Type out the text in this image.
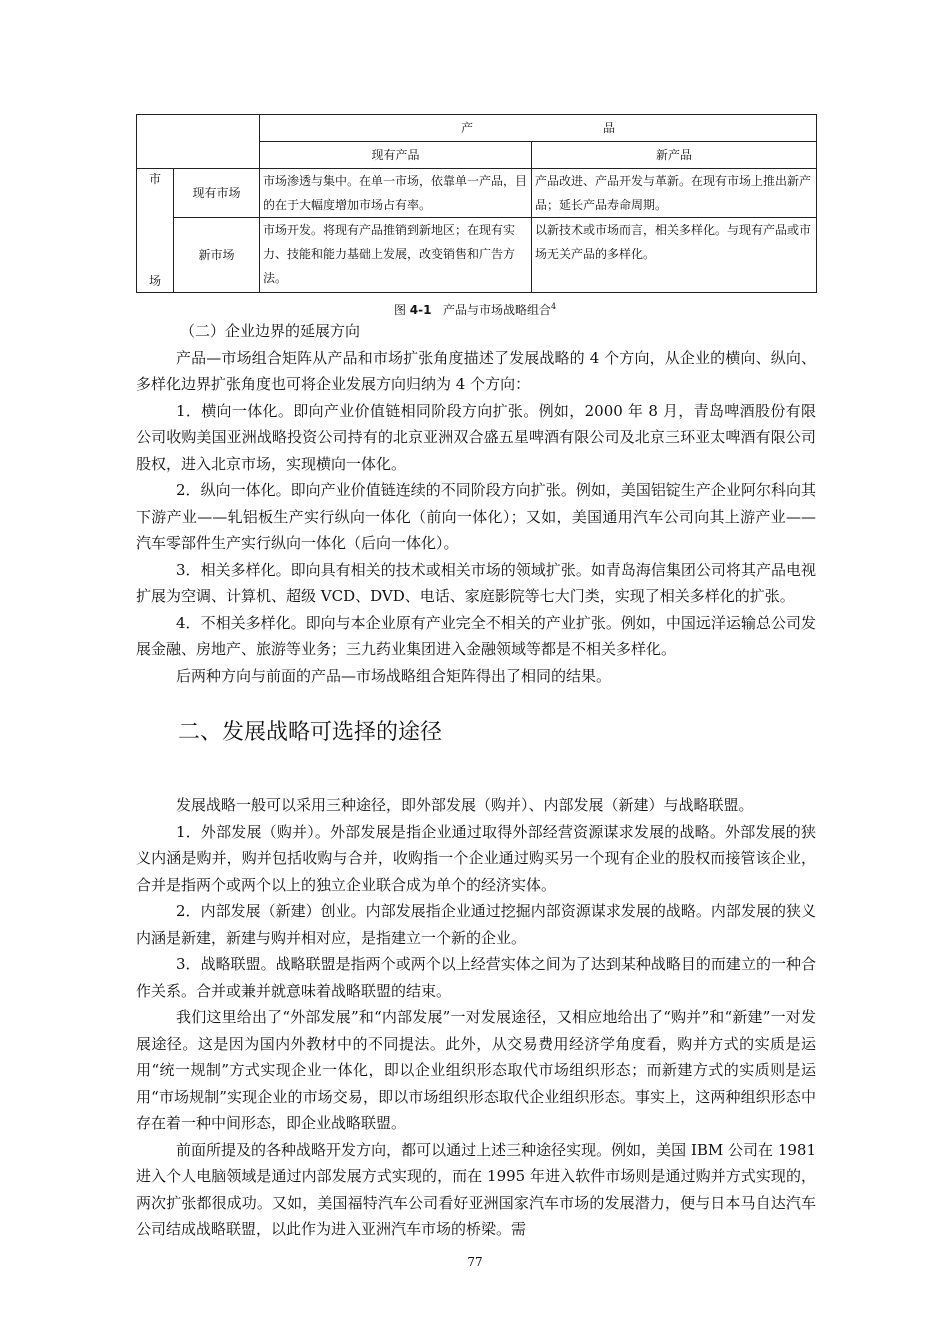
		产 品	
		现有产品	新产品

市
场	现有市场	市场渗透与集中。在单一市场，依靠单一产品，目的在于大幅度增加市场占有率。	产品改进、产品开发与革新。在现有市场上推出新产品；延长产品寿命周期。
	新市场	市场开发。将现有产品推销到新地区；在现有实力、技能和能力基础上发展，改变销售和广告方法。	以新技术或市场而言，相关多样化。与现有产品或市场无关产品的多样化。
图 4-1 产品与市场战略组合$^4$

（二）企业边界的延展方向

产品—市场组合矩阵从产品和市场扩张角度描述了发展战略的 4 个方向，从企业的横向、纵向、多样化边界扩张角度也可将企业发展方向归纳为 4 个方向：

1．横向一体化。即向产业价值链相同阶段方向扩张。例如，2000 年 8 月，青岛啤酒股份有限公司收购美国亚洲战略投资公司持有的北京亚洲双合盛五星啤酒有限公司及北京三环亚太啤酒有限公司股权，进入北京市场，实现横向一体化。

2．纵向一体化。即向产业价值链连续的不同阶段方向扩张。例如，美国铝锭生产企业阿尔科向其下游产业——轧铝板生产实行纵向一体化（前向一体化）；又如，美国通用汽车公司向其上游产业——汽车零部件生产实行纵向一体化（后向一体化）。

3．相关多样化。即向具有相关的技术或相关市场的领域扩张。如青岛海信集团公司将其产品电视扩展为空调、计算机、超级 VCD、DVD、电话、家庭影院等七大门类，实现了相关多样化的扩张。

4．不相关多样化。即向与本企业原有产业完全不相关的产业扩张。例如，中国远洋运输总公司发展金融、房地产、旅游等业务；三九药业集团进入金融领域等都是不相关多样化。

后两种方向与前面的产品—市场战略组合矩阵得出了相同的结果。

二、发展战略可选择的途径

发展战略一般可以采用三种途径，即外部发展（购并）、内部发展（新建）与战略联盟。

1．外部发展（购并）。外部发展是指企业通过取得外部经营资源谋求发展的战略。外部发展的狭义内涵是购并，购并包括收购与合并，收购指一个企业通过购买另一个现有企业的股权而接管该企业，合并是指两个或两个以上的独立企业联合成为单个的经济实体。

2．内部发展（新建）创业。内部发展指企业通过挖掘内部资源谋求发展的战略。内部发展的狭义内涵是新建，新建与购并相对应，是指建立一个新的企业。

3．战略联盟。战略联盟是指两个或两个以上经营实体之间为了达到某种战略目的而建立的一种合作关系。合并或兼并就意味着战略联盟的结束。

我们这里给出了“外部发展”和“内部发展”一对发展途径，又相应地给出了“购并”和“新建”一对发展途径。这是因为国内外教材中的不同提法。此外，从交易费用经济学角度看，购并方式的实质是运用“统一规制”方式实现企业一体化，即以企业组织形态取代市场组织形态；而新建方式的实质则是运用“市场规制”实现企业的市场交易，即以市场组织形态取代企业组织形态。事实上，这两种组织形态中存在着一种中间形态，即企业战略联盟。

前面所提及的各种战略开发方向，都可以通过上述三种途径实现。例如，美国 IBM 公司在 1981 进入个人电脑领域是通过内部发展方式实现的，而在 1995 年进入软件市场则是通过购并方式实现的，两次扩张都很成功。又如，美国福特汽车公司看好亚洲国家汽车市场的发展潜力，便与日本马自达汽车公司结成战略联盟，以此作为进入亚洲汽车市场的桥梁。需

77
